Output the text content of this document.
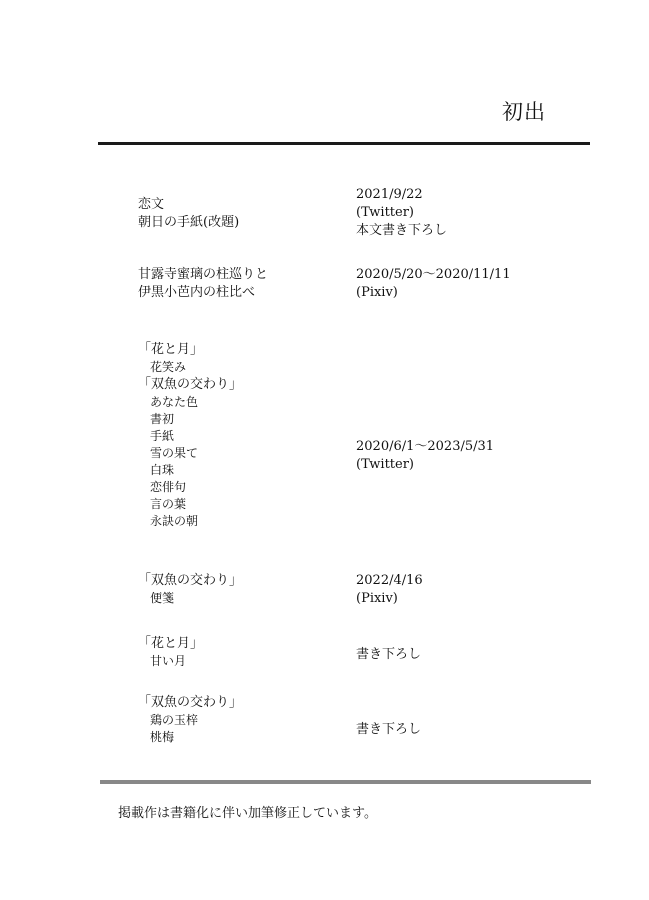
初出
恋文
朝日の手紙(改題)
2021/9/22
(Twitter)
本文書き下ろし
甘露寺蜜璃の柱巡りと
伊黒小芭内の柱比べ
2020/5/20～2020/11/11
(Pixiv)
「花と月」
花笑み
「双魚の交わり」
あなた色
書初
手紙
雪の果て
白珠
恋俳句
言の葉
永訣の朝
2020/6/1～2023/5/31
(Twitter)
「双魚の交わり」
便箋
2022/4/16
(Pixiv)
「花と月」
甘い月	書き下ろし
「双魚の交わり」
鶏の玉梓
桃梅	書き下ろし
掲載作は書籍化に伴い加筆修正しています。
